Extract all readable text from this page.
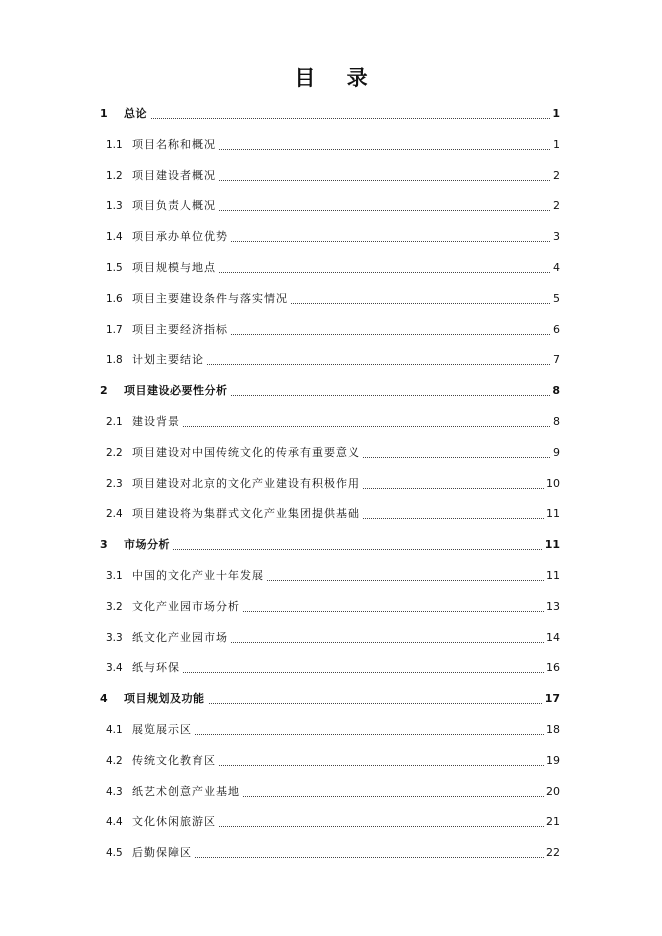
目 录
1 总论	1
1.1 项目名称和概况	1
1.2 项目建设者概况	2
1.3 项目负责人概况	2
1.4 项目承办单位优势	3
1.5 项目规模与地点	4
1.6 项目主要建设条件与落实情况	5
1.7 项目主要经济指标	6
1.8 计划主要结论	7
2 项目建设必要性分析	8
2.1 建设背景	8
2.2 项目建设对中国传统文化的传承有重要意义	9
2.3 项目建设对北京的文化产业建设有积极作用	10
2.4 项目建设将为集群式文化产业集团提供基础	11
3 市场分析	11
3.1 中国的文化产业十年发展	11
3.2 文化产业园市场分析	13
3.3 纸文化产业园市场	14
3.4 纸与环保	16
4 项目规划及功能	17
4.1 展览展示区	18
4.2 传统文化教育区	19
4.3 纸艺术创意产业基地	20
4.4 文化休闲旅游区	21
4.5 后勤保障区	22
